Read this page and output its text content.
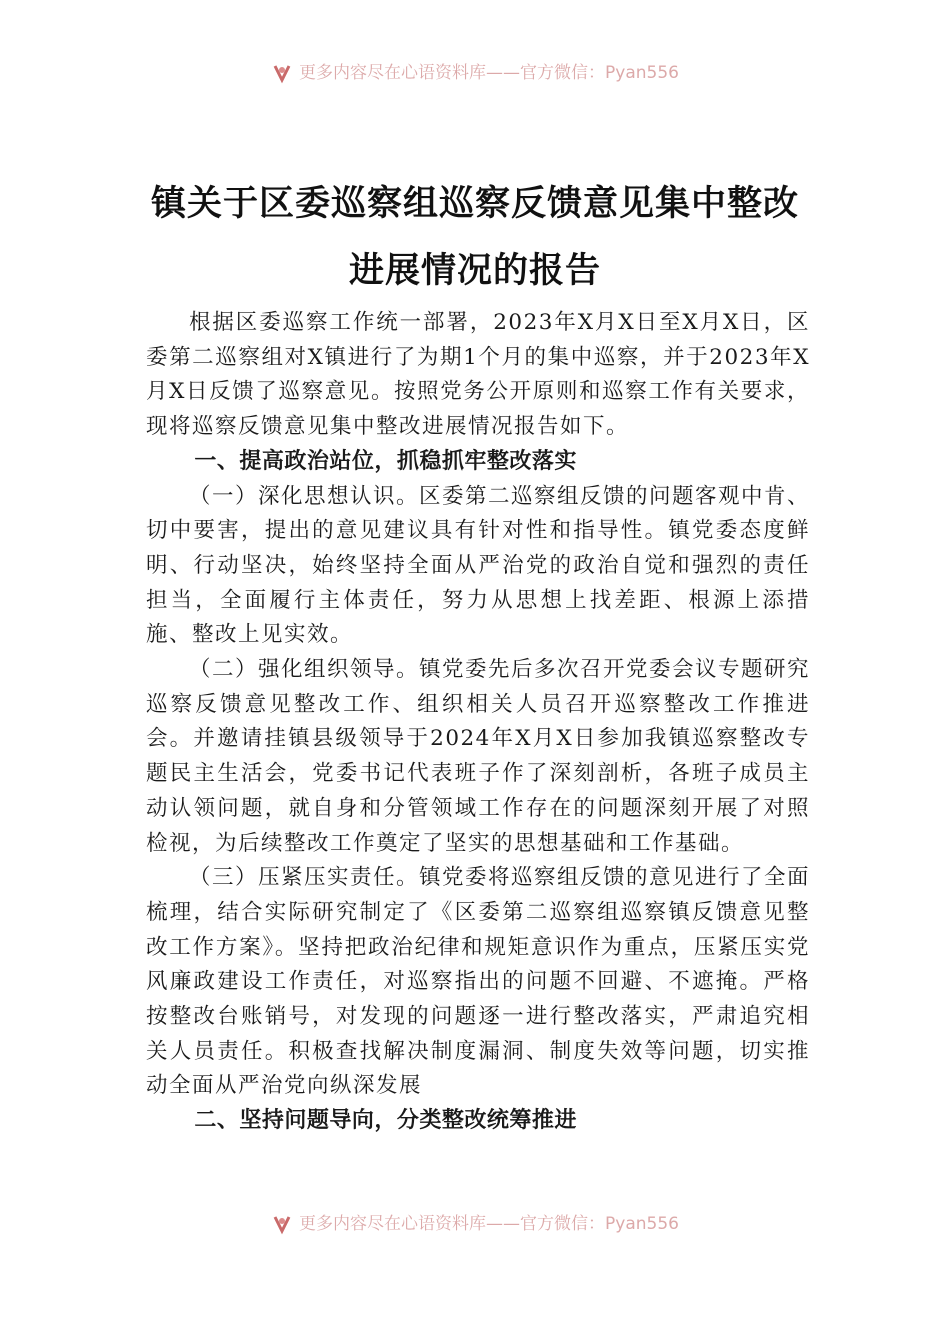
更多内容尽在心语资料库——官方微信：Pyan556
镇关于区委巡察组巡察反馈意见集中整改
进展情况的报告

根据区委巡察工作统一部署，2023年X月X日至X月X日，区委第二巡察组对X镇进行了为期1个月的集中巡察，并于2023年X月X日反馈了巡察意见。按照党务公开原则和巡察工作有关要求，现将巡察反馈意见集中整改进展情况报告如下。

一、提高政治站位，抓稳抓牢整改落实

（一）深化思想认识。区委第二巡察组反馈的问题客观中肯、切中要害，提出的意见建议具有针对性和指导性。镇党委态度鲜明、行动坚决，始终坚持全面从严治党的政治自觉和强烈的责任担当，全面履行主体责任，努力从思想上找差距、根源上添措施、整改上见实效。

（二）强化组织领导。镇党委先后多次召开党委会议专题研究巡察反馈意见整改工作、组织相关人员召开巡察整改工作推进会。并邀请挂镇县级领导于2024年X月X日参加我镇巡察整改专题民主生活会，党委书记代表班子作了深刻剖析，各班子成员主动认领问题，就自身和分管领域工作存在的问题深刻开展了对照检视，为后续整改工作奠定了坚实的思想基础和工作基础。

（三）压紧压实责任。镇党委将巡察组反馈的意见进行了全面梳理，结合实际研究制定了《区委第二巡察组巡察镇反馈意见整改工作方案》。坚持把政治纪律和规矩意识作为重点，压紧压实党风廉政建设工作责任，对巡察指出的问题不回避、不遮掩。严格按整改台账销号，对发现的问题逐一进行整改落实，严肃追究相关人员责任。积极查找解决制度漏洞、制度失效等问题，切实推动全面从严治党向纵深发展

二、坚持问题导向，分类整改统筹推进

更多内容尽在心语资料库——官方微信：Pyan556
